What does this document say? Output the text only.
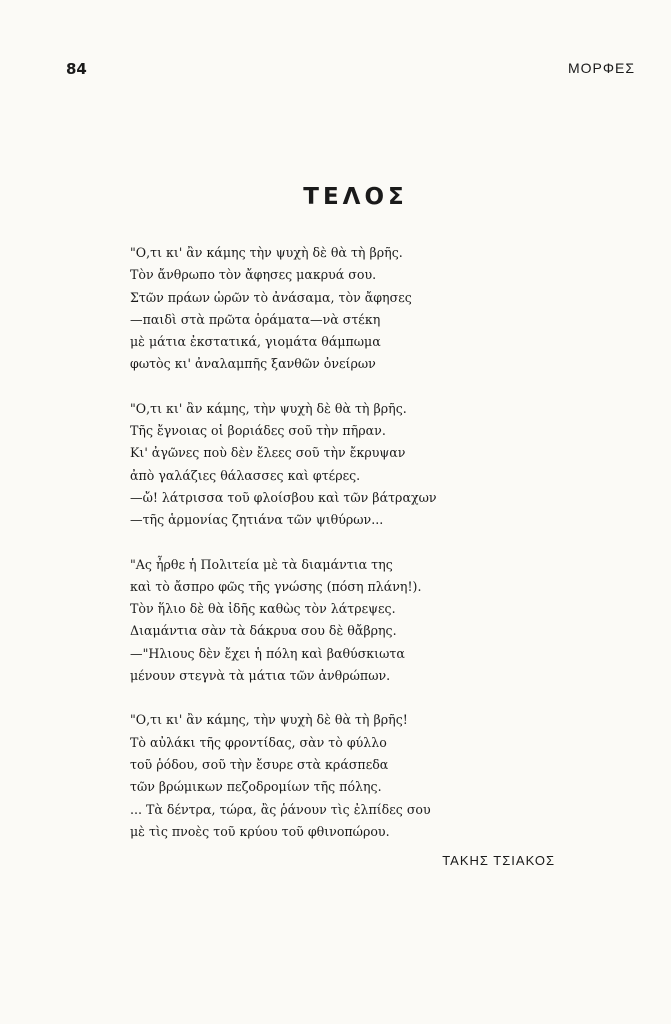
84	ΜΟΡΦΕΣ
ΤΕΛΟΣ
"Ο,τι κι' ἂν κάμης τὴν ψυχὴ δὲ θὰ τὴ βρῆς.
Τὸν ἄνθρωπο τὸν ἄφησες μακρυά σου.
Στῶν πράων ὡρῶν τὸ ἀνάσαμα, τὸν ἄφησες
—παιδὶ στὰ πρῶτα ὁράματα—νὰ στέκη
μὲ μάτια ἐκστατικά, γιομάτα θάμπωμα
φωτὸς κι' ἀναλαμπῆς ξανθῶν ὀνείρων
"Ο,τι κι' ἂν κάμης, τὴν ψυχὴ δὲ θὰ τὴ βρῆς.
Τῆς ἔγνοιας οἱ βοριάδες σοῦ τὴν πῆραν.
Κι' ἀγῶνες ποὺ δὲν ἔλεες σοῦ τὴν ἔκρυψαν
ἀπὸ γαλάζιες θάλασσες καὶ φτέρες.
—ὤ! λάτρισσα τοῦ φλοίσβου καὶ τῶν βάτραχων
—τῆς ἁρμονίας ζητιάνα τῶν ψιθύρων...
"Ας ἦρθε ἡ Πολιτεία μὲ τὰ διαμάντια της
καὶ τὸ ἄσπρο φῶς τῆς γνώσης (πόση πλάνη!).
Τὸν ἥλιο δὲ θὰ ἰδῆς καθὼς τὸν λάτρεψες.
Διαμάντια σὰν τὰ δάκρυα σου δὲ θἄβρης.
—"Ηλιους δὲν ἔχει ἡ πόλη καὶ βαθύσκιωτα
μένουν στεγνὰ τὰ μάτια τῶν ἀνθρώπων.
"Ο,τι κι' ἂν κάμης, τὴν ψυχὴ δὲ θὰ τὴ βρῆς!
Τὸ αὐλάκι τῆς φροντίδας, σὰν τὸ φύλλο
τοῦ ῥόδου, σοῦ τὴν ἔσυρε στὰ κράσπεδα
τῶν βρώμικων πεζοδρομίων τῆς πόλης.
... Τὰ δέντρα, τώρα, ἂς ῥάνουν τὶς ἐλπίδες σου
μὲ τὶς πνοὲς τοῦ κρύου τοῦ φθινοπώρου.
ΤΑΚΗΣ ΤΣΙΑΚΟΣ
